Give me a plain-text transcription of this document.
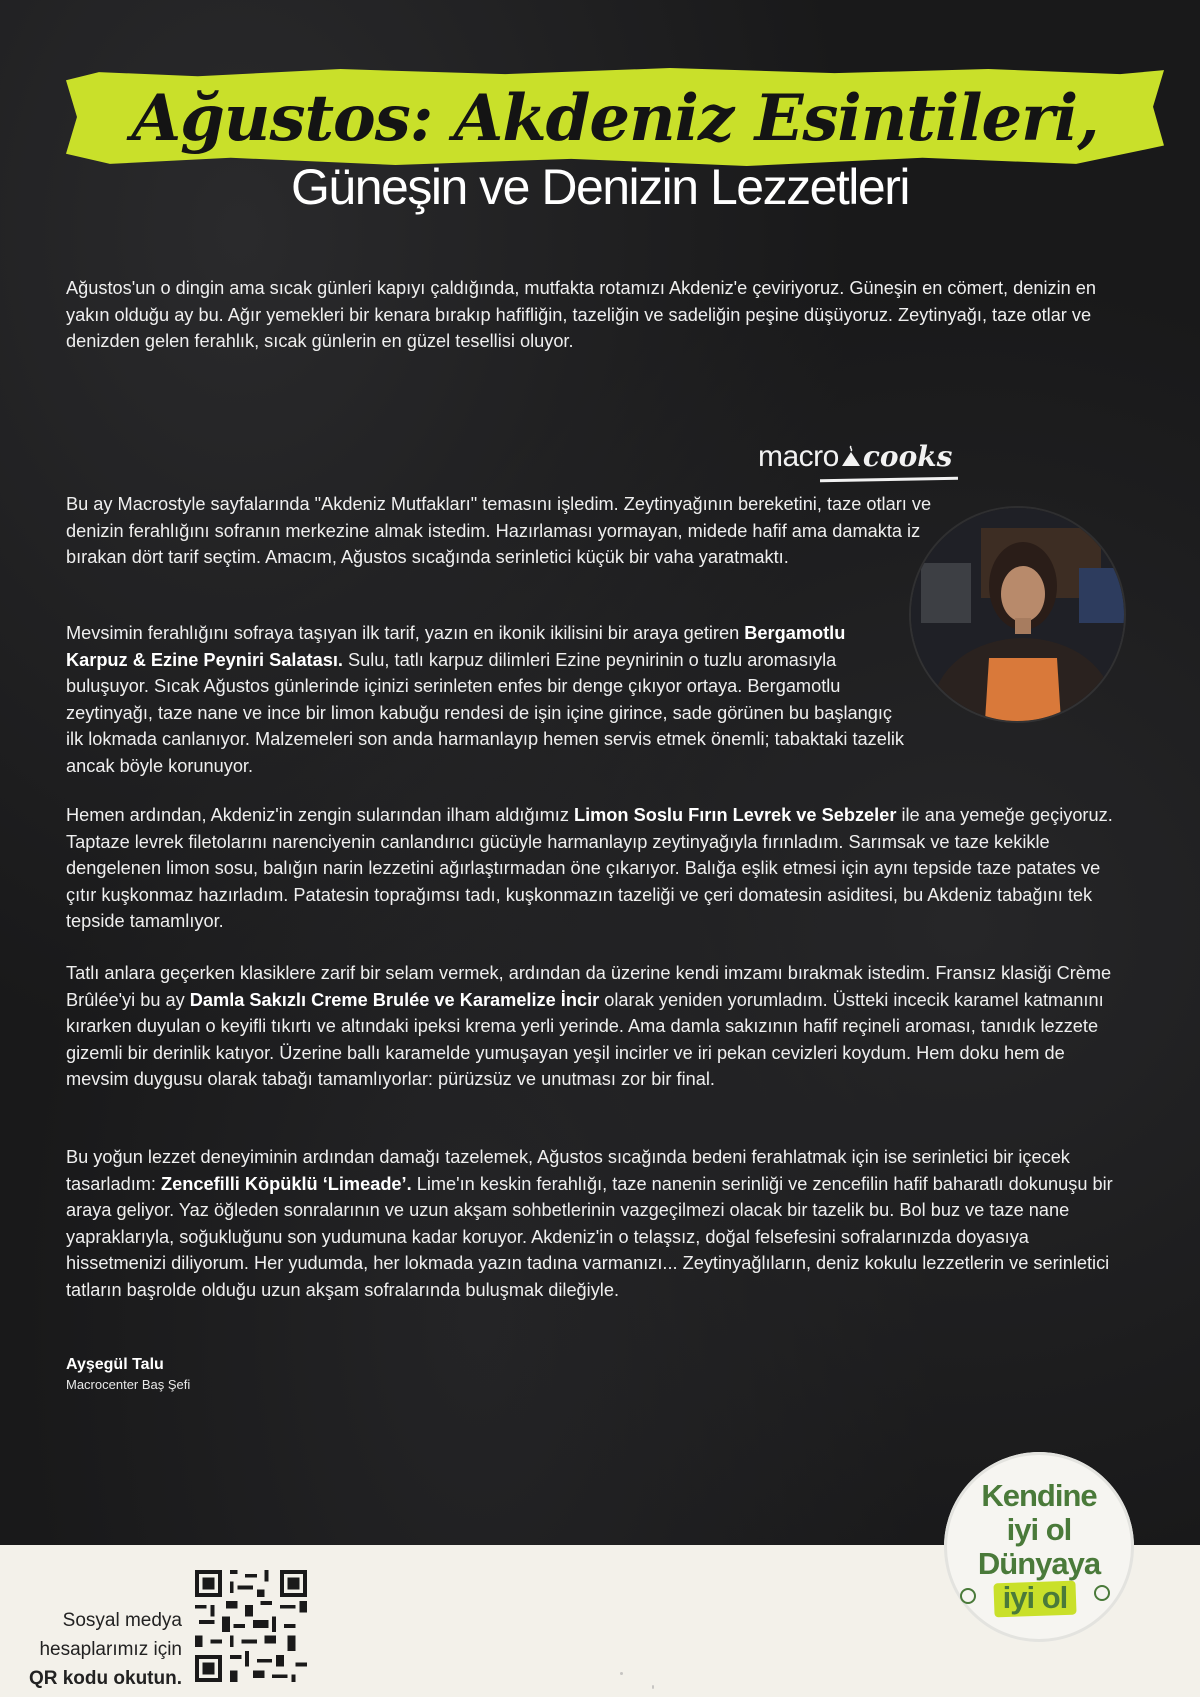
Ağustos: Akdeniz Esintileri,
Güneşin ve Denizin Lezzetleri

Ağustos'un o dingin ama sıcak günleri kapıyı çaldığında, mutfakta rotamızı Akdeniz'e çeviriyoruz. Güneşin en cömert, denizin en yakın olduğu ay bu. Ağır yemekleri bir kenara bırakıp hafifliğin, tazeliğin ve sadeliğin peşine düşüyoruz. Zeytinyağı, taze otlar ve denizden gelen ferahlık, sıcak günlerin en güzel tesellisi oluyor.

macro cooks
Bu ay Macrostyle sayfalarında "Akdeniz Mutfakları" temasını işledim. Zeytinyağının bereketini, taze otları ve denizin ferahlığını sofranın merkezine almak istedim. Hazırlaması yormayan, midede hafif ama damakta iz bırakan dört tarif seçtim. Amacım, Ağustos sıcağında serinletici küçük bir vaha yaratmaktı.
Mevsimin ferahlığını sofraya taşıyan ilk tarif, yazın en ikonik ikilisini bir araya getiren Bergamotlu Karpuz & Ezine Peyniri Salatası. Sulu, tatlı karpuz dilimleri Ezine peynirinin o tuzlu aromasıyla buluşuyor. Sıcak Ağustos günlerinde içinizi serinleten enfes bir denge çıkıyor ortaya. Bergamotlu zeytinyağı, taze nane ve ince bir limon kabuğu rendesi de işin içine girince, sade görünen bu başlangıç ilk lokmada canlanıyor. Malzemeleri son anda harmanlayıp hemen servis etmek önemli; tabaktaki tazelik ancak böyle korunuyor.
Hemen ardından, Akdeniz'in zengin sularından ilham aldığımız Limon Soslu Fırın Levrek ve Sebzeler ile ana yemeğe geçiyoruz. Taptaze levrek filetolarını narenciyenin canlandırıcı gücüyle harmanlayıp zeytinyağıyla fırınladım. Sarımsak ve taze kekikle dengelenen limon sosu, balığın narin lezzetini ağırlaştırmadan öne çıkarıyor. Balığa eşlik etmesi için aynı tepside taze patates ve çıtır kuşkonmaz hazırladım. Patatesin toprağımsı tadı, kuşkonmazın tazeliği ve çeri domatesin asiditesi, bu Akdeniz tabağını tek tepside tamamlıyor.
Tatlı anlara geçerken klasiklere zarif bir selam vermek, ardından da üzerine kendi imzamı bırakmak istedim. Fransız klasiği Crème Brûlée'yi bu ay Damla Sakızlı Creme Brulée ve Karamelize İncir olarak yeniden yorumladım. Üstteki incecik karamel katmanını kırarken duyulan o keyifli tıkırtı ve altındaki ipeksi krema yerli yerinde. Ama damla sakızının hafif reçineli aroması, tanıdık lezzete gizemli bir derinlik katıyor. Üzerine ballı karamelde yumuşayan yeşil incirler ve iri pekan cevizleri koydum. Hem doku hem de mevsim duygusu olarak tabağı tamamlıyorlar: pürüzsüz ve unutması zor bir final.
Bu yoğun lezzet deneyiminin ardından damağı tazelemek, Ağustos sıcağında bedeni ferahlatmak için ise serinletici bir içecek tasarladım: Zencefilli Köpüklü ‘Limeade’. Lime'ın keskin ferahlığı, taze nanenin serinliği ve zencefilin hafif baharatlı dokunuşu bir araya geliyor. Yaz öğleden sonralarının ve uzun akşam sohbetlerinin vazgeçilmezi olacak bir tazelik bu. Bol buz ve taze nane yapraklarıyla, soğukluğunu son yudumuna kadar koruyor. Akdeniz'in o telaşsız, doğal felsefesini sofralarınızda doyasıya hissetmenizi diliyorum. Her yudumda, her lokmada yazın tadına varmanızı... Zeytinyağlıların, deniz kokulu lezzetlerin ve serinletici tatların başrolde olduğu uzun akşam sofralarında buluşmak dileğiyle.
Ayşegül Talu
Macrocenter Baş Şefi
Sosyal medya
hesaplarımız için
QR kodu okutun.
Kendine
iyi ol
Dünyaya
iyi ol
